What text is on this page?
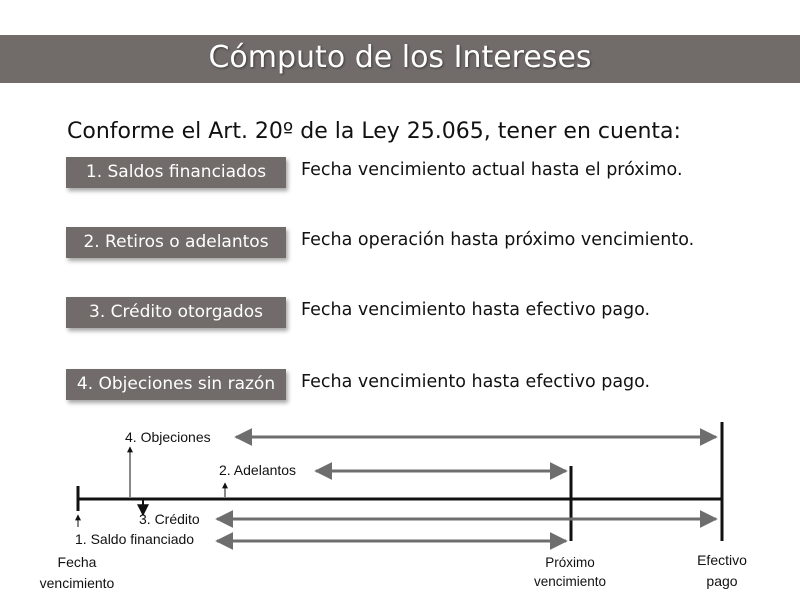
Cómputo de los Intereses
Conforme el Art. 20º de la Ley 25.065, tener en cuenta:
1. Saldos financiados	Fecha vencimiento actual hasta el próximo.
2. Retiros o adelantos	Fecha operación hasta próximo vencimiento.
3. Crédito otorgados	Fecha vencimiento hasta efectivo pago.
4. Objeciones sin razón	Fecha vencimiento hasta efectivo pago.
4. Objeciones
2. Adelantos
3. Crédito
1. Saldo financiado
Fecha
vencimiento
Próximo
vencimiento
Efectivo
pago
